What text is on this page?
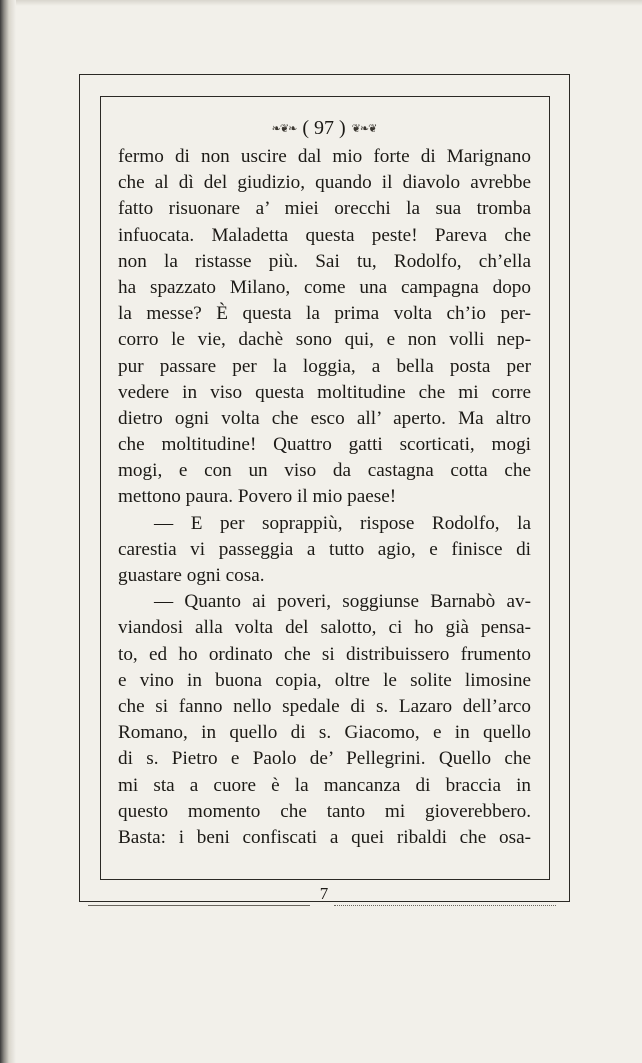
❧❦❧ ( 97 ) ❦❧❦
fermo di non uscire dal mio forte di Marignano
che al dì del giudizio, quando il diavolo avrebbe
fatto risuonare a’ miei orecchi la sua tromba
infuocata. Maladetta questa peste! Pareva che
non la ristasse più. Sai tu, Rodolfo, ch’ella
ha spazzato Milano, come una campagna dopo
la messe? È questa la prima volta ch’io per-
corro le vie, dachè sono qui, e non volli nep-
pur passare per la loggia, a bella posta per
vedere in viso questa moltitudine che mi corre
dietro ogni volta che esco all’ aperto. Ma altro
che moltitudine! Quattro gatti scorticati, mogi
mogi, e con un viso da castagna cotta che
mettono paura. Povero il mio paese!
— E per soprappiù, rispose Rodolfo, la
carestia vi passeggia a tutto agio, e finisce di
guastare ogni cosa.
— Quanto ai poveri, soggiunse Barnabò av-
viandosi alla volta del salotto, ci ho già pensa-
to, ed ho ordinato che si distribuissero frumento
e vino in buona copia, oltre le solite limosine
che si fanno nello spedale di s. Lazaro dell’arco
Romano, in quello di s. Giacomo, e in quello
di s. Pietro e Paolo de’ Pellegrini. Quello che
mi sta a cuore è la mancanza di braccia in
questo momento che tanto mi gioverebbero.
Basta: i beni confiscati a quei ribaldi che osa-
7
